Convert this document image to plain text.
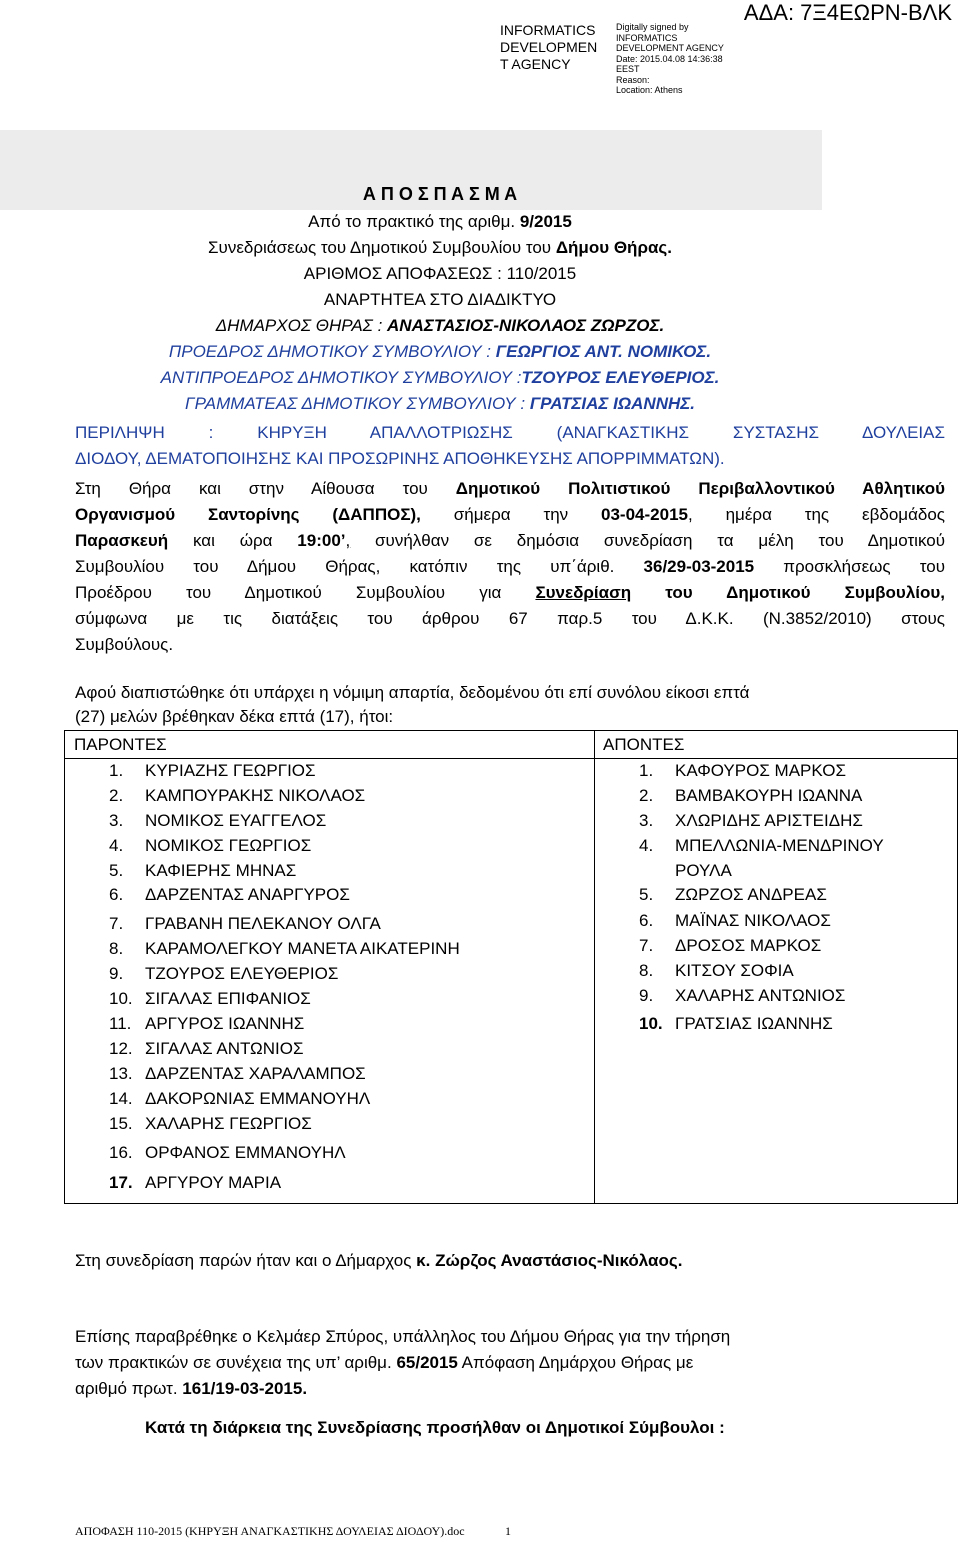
INFORMATICS
DEVELOPMEN
T AGENCY
Digitally signed by
INFORMATICS
DEVELOPMENT AGENCY
Date: 2015.04.08 14:36:38
EEST
Reason:
Location: Athens
ΑΔΑ: 7Ξ4ΕΩΡΝ-ΒΛΚ
Α Π Ο Σ Π Α Σ Μ Α
Από το πρακτικό της αριθμ. 9/2015
Συνεδριάσεως του Δημοτικού Συμβουλίου του Δήμου Θήρας.
ΑΡΙΘΜΟΣ ΑΠΟΦΑΣΕΩΣ : 110/2015
ΑΝΑΡΤΗΤΕΑ ΣΤΟ ΔΙΑΔΙΚΤΥΟ
ΔΗΜΑΡΧΟΣ ΘΗΡΑΣ : ΑΝΑΣΤΑΣΙΟΣ-ΝΙΚΟΛΑΟΣ ΖΩΡΖΟΣ.
ΠΡΟΕΔΡΟΣ ΔΗΜΟΤΙΚΟΥ ΣΥΜΒΟΥΛΙΟΥ : ΓΕΩΡΓΙΟΣ ΑΝΤ. ΝΟΜΙΚΟΣ.
ΑΝΤΙΠΡΟΕΔΡΟΣ ΔΗΜΟΤΙΚΟΥ ΣΥΜΒΟΥΛΙΟΥ :ΤΖΟΥΡΟΣ ΕΛΕΥΘΕΡΙΟΣ.
ΓΡΑΜΜΑΤΕΑΣ ΔΗΜΟΤΙΚΟΥ ΣΥΜΒΟΥΛΙΟΥ : ΓΡΑΤΣΙΑΣ ΙΩΑΝΝΗΣ.
ΠΕΡΙΛΗΨΗ : ΚΗΡΥΞΗ ΑΠΑΛΛΟΤΡΙΩΣΗΣ (ΑΝΑΓΚΑΣΤΙΚΗΣ ΣΥΣΤΑΣΗΣ ΔΟΥΛΕΙΑΣ
ΔΙΟΔΟΥ, ΔΕΜΑΤΟΠΟΙΗΣΗΣ ΚΑΙ ΠΡΟΣΩΡΙΝΗΣ ΑΠΟΘΗΚΕΥΣΗΣ ΑΠΟΡΡΙΜΜΑΤΩΝ).
Στη Θήρα και στην Αίθουσα του Δημοτικού Πολιτιστικού Περιβαλλοντικού Αθλητικού
Οργανισμού Σαντορίνης (ΔΑΠΠΟΣ), σήμερα την 03-04-2015, ημέρα της εβδομάδος
Παρασκευή και ώρα 19:00’, συνήλθαν σε δημόσια συνεδρίαση τα μέλη του Δημοτικού
Συμβουλίου του Δήμου Θήρας, κατόπιν της υπ΄άριθ. 36/29-03-2015 προσκλήσεως του
Προέδρου του Δημοτικού Συμβουλίου για Συνεδρίαση του Δημοτικού Συμβουλίου,
σύμφωνα με τις διατάξεις του άρθρου 67 παρ.5 του Δ.Κ.Κ. (Ν.3852/2010) στους
Συμβούλους.
Αφού διαπιστώθηκε ότι υπάρχει η νόμιμη απαρτία, δεδομένου ότι επί συνόλου είκοσι επτά
(27) μελών βρέθηκαν δέκα επτά (17), ήτοι:
ΠΑΡΟΝΤΕΣ	ΑΠΟΝΤΕΣ
1. ΚΥΡΙΑΖΗΣ ΓΕΩΡΓΙΟΣ
2. ΚΑΜΠΟΥΡΑΚΗΣ ΝΙΚΟΛΑΟΣ
3. ΝΟΜΙΚΟΣ ΕΥΑΓΓΕΛΟΣ
4. ΝΟΜΙΚΟΣ ΓΕΩΡΓΙΟΣ
5. ΚΑΦΙΕΡΗΣ ΜΗΝΑΣ
6. ΔΑΡΖΕΝΤΑΣ ΑΝΑΡΓΥΡΟΣ
7. ΓΡΑΒΑΝΗ ΠΕΛΕΚΑΝΟΥ ΟΛΓΑ
8. ΚΑΡΑΜΟΛΕΓΚΟΥ ΜΑΝΕΤΑ ΑΙΚΑΤΕΡΙΝΗ
9. ΤΖΟΥΡΟΣ ΕΛΕΥΘΕΡΙΟΣ
10. ΣΙΓΑΛΑΣ ΕΠΙΦΑΝΙΟΣ
11. ΑΡΓΥΡΟΣ ΙΩΑΝΝΗΣ
12. ΣΙΓΑΛΑΣ ΑΝΤΩΝΙΟΣ
13. ΔΑΡΖΕΝΤΑΣ ΧΑΡΑΛΑΜΠΟΣ
14. ΔΑΚΟΡΩΝΙΑΣ ΕΜΜΑΝΟΥΗΛ
15. ΧΑΛΑΡΗΣ ΓΕΩΡΓΙΟΣ
16. ΟΡΦΑΝΟΣ ΕΜΜΑΝΟΥΗΛ
17. ΑΡΓΥΡΟΥ ΜΑΡΙΑ
1. ΚΑΦΟΥΡΟΣ ΜΑΡΚΟΣ
2. ΒΑΜΒΑΚΟΥΡΗ ΙΩΑΝΝΑ
3. ΧΛΩΡΙΔΗΣ ΑΡΙΣΤΕΙΔΗΣ
4. ΜΠΕΛΛΩΝΙΑ-ΜΕΝΔΡΙΝΟΥ
ΡΟΥΛΑ
5. ΖΩΡΖΟΣ ΑΝΔΡΕΑΣ
6. ΜΑΪΝΑΣ ΝΙΚΟΛΑΟΣ
7. ΔΡΟΣΟΣ ΜΑΡΚΟΣ
8. ΚΙΤΣΟΥ ΣΟΦΙΑ
9. ΧΑΛΑΡΗΣ ΑΝΤΩΝΙΟΣ
10. ΓΡΑΤΣΙΑΣ ΙΩΑΝΝΗΣ
Στη συνεδρίαση παρών ήταν και ο Δήμαρχος κ. Ζώρζος Αναστάσιος-Νικόλαος.
Επίσης παραβρέθηκε ο Κελμάερ Σπύρος, υπάλληλος του Δήμου Θήρας για την τήρηση
των πρακτικών σε συνέχεια της υπ’ αριθμ. 65/2015 Απόφαση Δημάρχου Θήρας με
αριθμό πρωτ. 161/19-03-2015.
Κατά τη διάρκεια της Συνεδρίασης προσήλθαν οι Δημοτικοί Σύμβουλοι :
ΑΠΟΦΑΣΗ 110-2015 (ΚΗΡΥΞΗ ΑΝΑΓΚΑΣΤΙΚΗΣ ΔΟΥΛΕΙΑΣ ΔΙΟΔΟΥ).doc	1
